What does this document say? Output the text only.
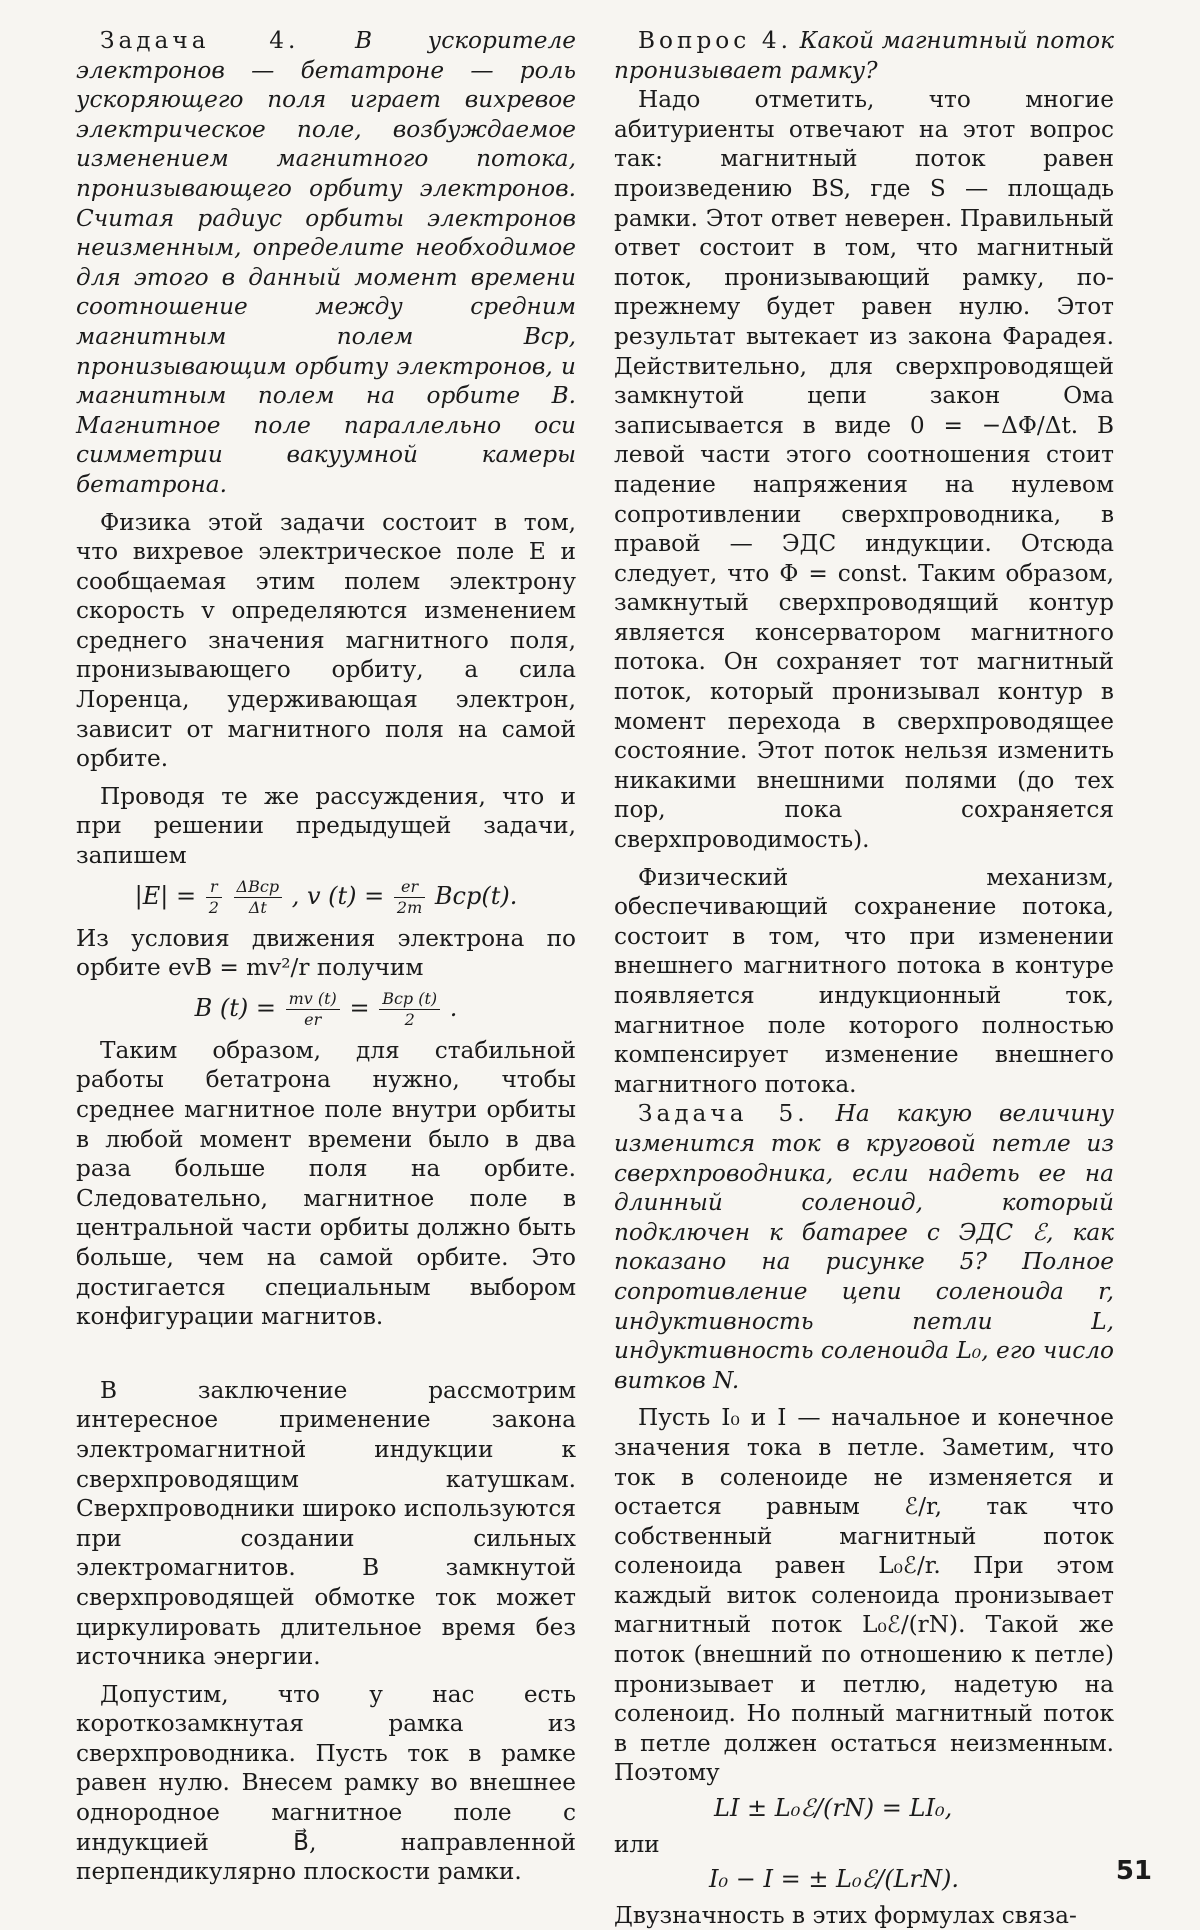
Задача 4. В ускорителе электронов — бетатроне — роль ускоряющего поля играет вихревое электрическое поле, возбуждаемое изменением магнитного потока, пронизывающего орбиту электронов. Считая радиус орбиты электронов неизменным, определите необходимое для этого в данный момент времени соотношение между средним магнитным полем Bср, пронизывающим орбиту электронов, и магнитным полем на орбите B. Магнитное поле параллельно оси симметрии вакуумной камеры бетатрона.

Физика этой задачи состоит в том, что вихревое электрическое поле E и сообщаемая этим полем электрону скорость v определяются изменением среднего значения магнитного поля, пронизывающего орбиту, а сила Лоренца, удерживающая электрон, зависит от магнитного поля на самой орбите.

Проводя те же рассуждения, что и при решении предыдущей задачи, запишем

$|E| = \frac{r}{2}$
$\frac{\text{ΔBср}}{\Delta t}$ , v $(t) = \frac{er}{2m} Bср(t)$.

Из условия движения электрона по орбите evB = mv²/r получим

B $(t) = \frac{mv (t)}{er} = \frac{\text{Bср (t)}}{2}$ .

Таким образом, для стабильной работы бетатрона нужно, чтобы среднее магнитное поле внутри орбиты в любой момент времени было в два раза больше поля на орбите. Следовательно, магнитное поле в центральной части орбиты должно быть больше, чем на самой орбите. Это достигается специальным выбором конфигурации магнитов.

В заключение рассмотрим интересное применение закона электромагнитной индукции к сверхпроводящим катушкам. Сверхпроводники широко используются при создании сильных электромагнитов. В замкнутой сверхпроводящей обмотке ток может циркулировать длительное время без источника энергии.

Допустим, что у нас есть короткозамкнутая рамка из сверхпроводника. Пусть ток в рамке равен нулю. Внесем рамку во внешнее однородное магнитное поле с индукцией B⃗, направленной перпендикулярно плоскости рамки.

Вопрос 4. Какой магнитный поток пронизывает рамку?

Надо отметить, что многие абитуриенты отвечают на этот вопрос так: магнитный поток равен произведению BS, где S — площадь рамки. Этот ответ неверен. Правильный ответ состоит в том, что магнитный поток, пронизывающий рамку, по-прежнему будет равен нулю. Этот результат вытекает из закона Фарадея. Действительно, для сверхпроводящей замкнутой цепи закон Ома записывается в виде 0 = −ΔΦ/Δt. В левой части этого соотношения стоит падение напряжения на нулевом сопротивлении сверхпроводника, в правой — ЭДС индукции. Отсюда следует, что Φ = const. Таким образом, замкнутый сверхпроводящий контур является консерватором магнитного потока. Он сохраняет тот магнитный поток, который пронизывал контур в момент перехода в сверхпроводящее состояние. Этот поток нельзя изменить никакими внешними полями (до тех пор, пока сохраняется сверхпроводимость).

Физический механизм, обеспечивающий сохранение потока, состоит в том, что при изменении внешнего магнитного потока в контуре появляется индукционный ток, магнитное поле которого полностью компенсирует изменение внешнего магнитного потока.

Задача 5. На какую величину изменится ток в круговой петле из сверхпроводника, если надеть ее на длинный соленоид, который подключен к батарее с ЭДС ℰ, как показано на рисунке 5? Полное сопротивление цепи соленоида r, индуктивность петли L, индуктивность соленоида L₀, его число витков N.

Пусть I₀ и I — начальное и конечное значения тока в петле. Заметим, что ток в соленоиде не изменяется и остается равным ℰ/r, так что собственный магнитный поток соленоида равен L₀ℰ/r. При этом каждый виток соленоида пронизывает магнитный поток L₀ℰ/(rN). Такой же поток (внешний по отношению к петле) пронизывает и петлю, надетую на соленоид. Но полный магнитный поток в петле должен остаться неизменным. Поэтому

LI ± L₀ℰ/(rN) = LI₀,

или

I₀ − I = ± L₀ℰ/(LrN).

Двузначность в этих формулах связа-

51
